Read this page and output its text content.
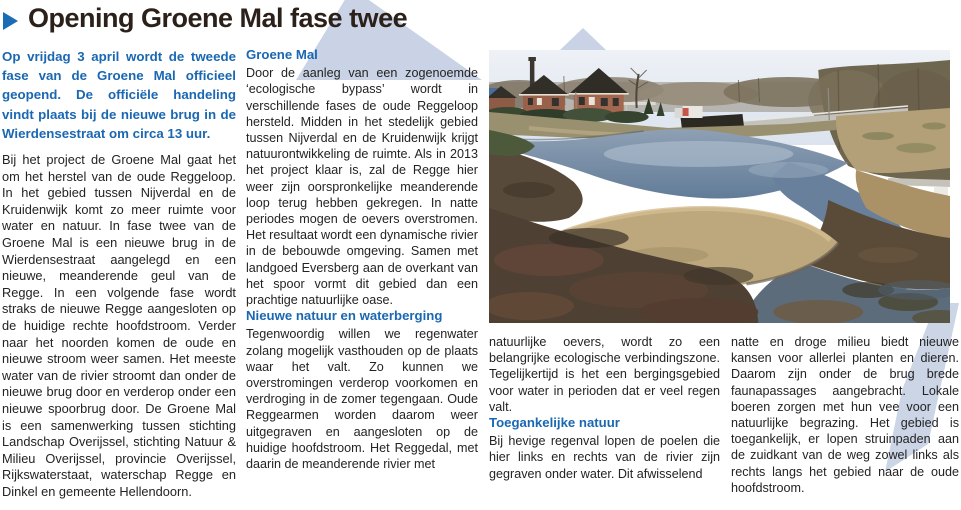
Opening Groene Mal fase twee

Op vrijdag 3 april wordt de tweede fase van de Groene Mal officieel geopend. De officiële handeling vindt plaats bij de nieuwe brug in de Wierdensestraat om circa 13 uur.

Bij het project de Groene Mal gaat het om het herstel van de oude Reggeloop. In het gebied tussen Nijverdal en de Kruidenwijk komt zo meer ruimte voor water en natuur. In fase twee van de Groene Mal is een nieuwe brug in de Wierdensestraat aangelegd en een nieuwe, meanderende geul van de Regge. In een volgende fase wordt straks de nieuwe Regge aangesloten op de huidige rechte hoofdstroom. Verder naar het noorden komen de oude en nieuwe stroom weer samen. Het meeste water van de rivier stroomt dan onder de nieuwe brug door en verderop onder een nieuwe spoorbrug door. De Groene Mal is een samenwerking tussen stichting Landschap Overijssel, stichting Natuur & Milieu Overijssel, provincie Overijssel, Rijkswaterstaat, waterschap Regge en Dinkel en gemeente Hellendoorn.

Groene Mal

Door de aanleg van een zogenoemde ‘ecologische bypass’ wordt in verschillende fases de oude Reggeloop hersteld. Midden in het stedelijk gebied tussen Nijverdal en de Kruidenwijk krijgt natuurontwikkeling de ruimte. Als in 2013 het project klaar is, zal de Regge hier weer zijn oorspronkelijke meanderende loop terug hebben gekregen. In natte periodes mogen de oevers overstromen. Het resultaat wordt een dynamische rivier in de bebouwde omgeving. Samen met landgoed Eversberg aan de overkant van het spoor vormt dit gebied dan een prachtige natuurlijke oase.

Nieuwe natuur en waterberging

Tegenwoordig willen we regenwater zolang mogelijk vasthouden op de plaats waar het valt. Zo kunnen we overstromingen verderop voorkomen en verdroging in de zomer tegengaan. Oude Reggearmen worden daarom weer uitgegraven en aangesloten op de huidige hoofdstroom. Het Reggedal, met daarin de meanderende rivier met

natuurlijke oevers, wordt zo een belangrijke ecologische verbindingszone. Tegelijkertijd is het een bergingsgebied voor water in perioden dat er veel regen valt.

Toegankelijke natuur

Bij hevige regenval lopen de poelen die hier links en rechts van de rivier zijn gegraven onder water. Dit afwisselend

natte en droge milieu biedt nieuwe kansen voor allerlei planten en dieren. Daarom zijn onder de brug brede faunapassages aangebracht. Lokale boeren zorgen met hun vee voor een natuurlijke begrazing. Het gebied is toegankelijk, er lopen struinpaden aan de zuidkant van de weg zowel links als rechts langs het gebied naar de oude hoofdstroom.
